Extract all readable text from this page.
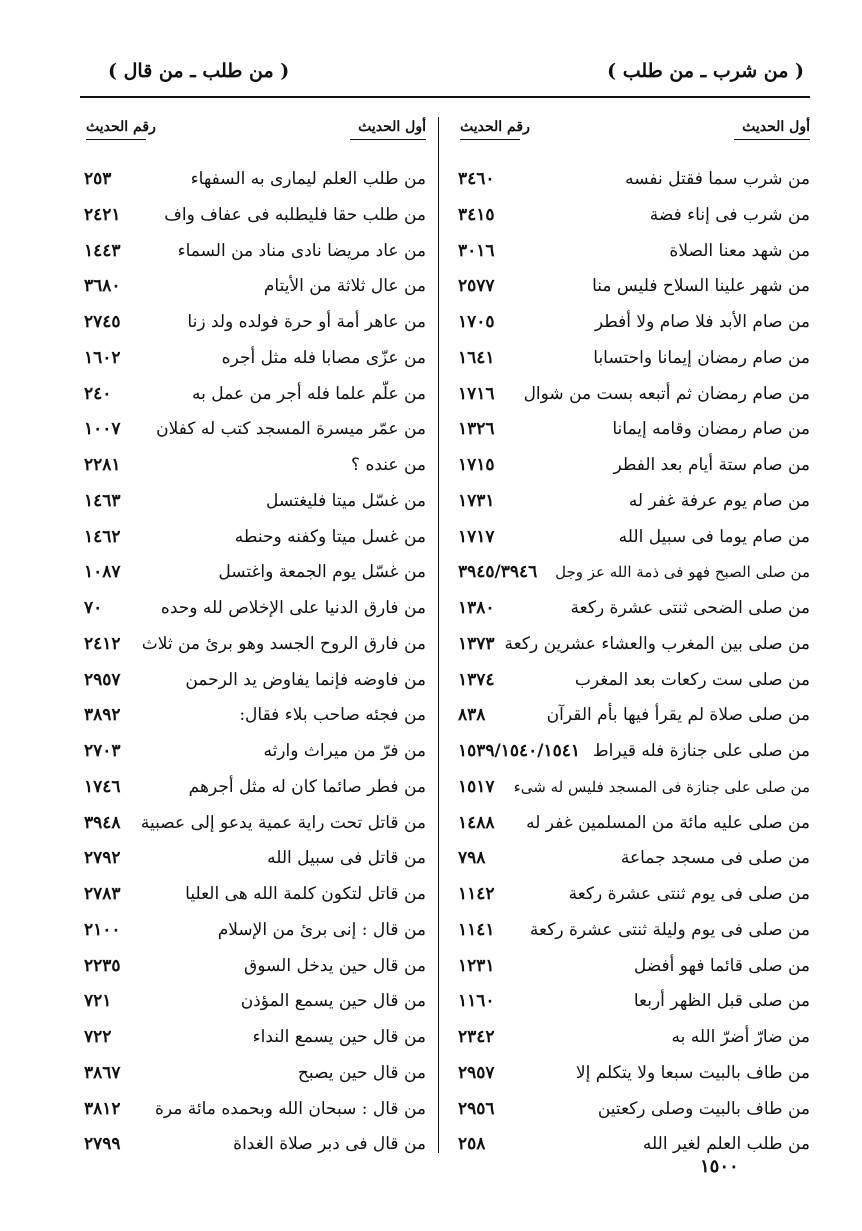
( من شرب ـ من طلب )
( من طلب ـ من قال )
أول الحديث
رقم الحديث
من شرب سما فقتل نفسه
٣٤٦٠
من شرب فى إناء فضة
٣٤١٥
من شهد معنا الصلاة
٣٠١٦
من شهر علينا السلاح فليس منا
٢٥٧٧
من صام الأبد فلا صام ولا أفطر
١٧٠٥
من صام رمضان إيمانا واحتسابا
١٦٤١
من صام رمضان ثم أتبعه بست من شوال
١٧١٦
من صام رمضان وقامه إيمانا
١٣٢٦
من صام ستة أيام بعد الفطر
١٧١٥
من صام يوم عرفة غفر له
١٧٣١
من صام يوما فى سبيل الله
١٧١٧
من صلى الصبح فهو فى ذمة الله عز وجل
٣٩٤٥/٣٩٤٦
من صلى الضحى ثنتى عشرة ركعة
١٣٨٠
من صلى بين المغرب والعشاء عشرين ركعة
١٣٧٣
من صلى ست ركعات بعد المغرب
١٣٧٤
من صلى صلاة لم يقرأ فيها بأم القرآن
٨٣٨
من صلى على جنازة فله قيراط
١٥٣٩/١٥٤٠/١٥٤١
من صلى على جنازة فى المسجد فليس له شىء
١٥١٧
من صلى عليه مائة من المسلمين غفر له
١٤٨٨
من صلى فى مسجد جماعة
٧٩٨
من صلى فى يوم ثنتى عشرة ركعة
١١٤٢
من صلى فى يوم وليلة ثنتى عشرة ركعة
١١٤١
من صلى قائما فهو أفضل
١٢٣١
من صلى قبل الظهر أربعا
١١٦٠
من ضارّ أضرّ الله به
٢٣٤٢
من طاف بالبيت سبعا ولا يتكلم إلا
٢٩٥٧
من طاف بالبيت وصلى ركعتين
٢٩٥٦
من طلب العلم لغير الله
٢٥٨
أول الحديث
رقم الحديث
من طلب العلم ليمارى به السفهاء
٢٥٣
من طلب حقا فليطلبه فى عفاف واف
٢٤٢١
من عاد مريضا نادى مناد من السماء
١٤٤٣
من عال ثلاثة من الأيتام
٣٦٨٠
من عاهر أمة أو حرة فولده ولد زنا
٢٧٤٥
من عزّى مصابا فله مثل أجره
١٦٠٢
من علّم علما فله أجر من عمل به
٢٤٠
من عمّر ميسرة المسجد كتب له كفلان
١٠٠٧
من عنده ؟
٢٢٨١
من غسّل ميتا فليغتسل
١٤٦٣
من غسل ميتا وكفنه وحنطه
١٤٦٢
من غسّل يوم الجمعة واغتسل
١٠٨٧
من فارق الدنيا على الإخلاص لله وحده
٧٠
من فارق الروح الجسد وهو برئ من ثلاث
٢٤١٢
من فاوضه فإنما يفاوض يد الرحمن
٢٩٥٧
من فجئه صاحب بلاء فقال:
٣٨٩٢
من فرّ من ميراث وارثه
٢٧٠٣
من فطر صائما كان له مثل أجرهم
١٧٤٦
من قاتل تحت راية عمية يدعو إلى عصبية
٣٩٤٨
من قاتل فى سبيل الله
٢٧٩٢
من قاتل لتكون كلمة الله هى العليا
٢٧٨٣
من قال : إنى برئ من الإسلام
٢١٠٠
من قال حين يدخل السوق
٢٢٣٥
من قال حين يسمع المؤذن
٧٢١
من قال حين يسمع النداء
٧٢٢
من قال حين يصبح
٣٨٦٧
من قال : سبحان الله وبحمده مائة مرة
٣٨١٢
من قال فى دبر صلاة الغداة
٢٧٩٩
١٥٠٠
